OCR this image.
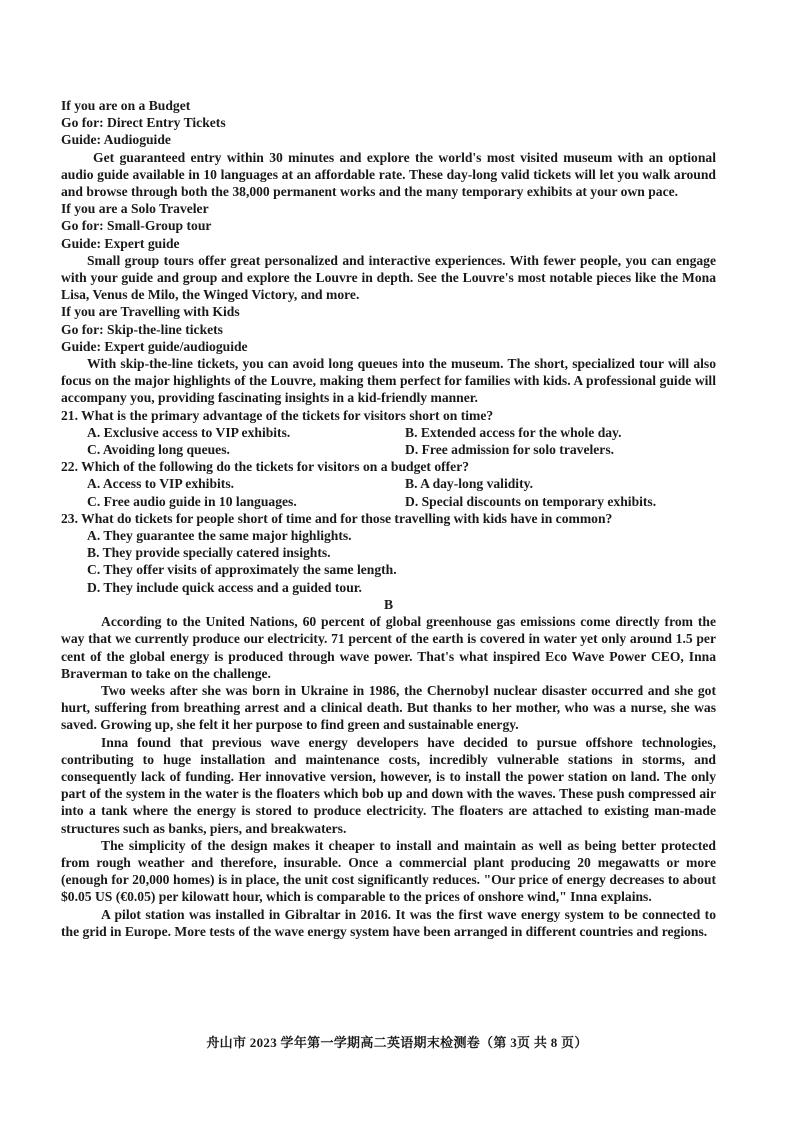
If you are on a Budget
Go for: Direct Entry Tickets
Guide: Audioguide
Get guaranteed entry within 30 minutes and explore the world's most visited museum with an optional audio guide available in 10 languages at an affordable rate. These day-long valid tickets will let you walk around and browse through both the 38,000 permanent works and the many temporary exhibits at your own pace.
If you are a Solo Traveler
Go for: Small-Group tour
Guide: Expert guide
Small group tours offer great personalized and interactive experiences. With fewer people, you can engage with your guide and group and explore the Louvre in depth. See the Louvre's most notable pieces like the Mona Lisa, Venus de Milo, the Winged Victory, and more.
If you are Travelling with Kids
Go for: Skip-the-line tickets
Guide: Expert guide/audioguide
With skip-the-line tickets, you can avoid long queues into the museum. The short, specialized tour will also focus on the major highlights of the Louvre, making them perfect for families with kids. A professional guide will accompany you, providing fascinating insights in a kid-friendly manner.
21. What is the primary advantage of the tickets for visitors short on time?
A. Exclusive access to VIP exhibits.	B. Extended access for the whole day.
C. Avoiding long queues.	D. Free admission for solo travelers.
22. Which of the following do the tickets for visitors on a budget offer?
A. Access to VIP exhibits.	B. A day-long validity.
C. Free audio guide in 10 languages.	D. Special discounts on temporary exhibits.
23. What do tickets for people short of time and for those travelling with kids have in common?
A. They guarantee the same major highlights.
B. They provide specially catered insights.
C. They offer visits of approximately the same length.
D. They include quick access and a guided tour.
B
According to the United Nations, 60 percent of global greenhouse gas emissions come directly from the way that we currently produce our electricity. 71 percent of the earth is covered in water yet only around 1.5 per cent of the global energy is produced through wave power. That's what inspired Eco Wave Power CEO, Inna Braverman to take on the challenge.
Two weeks after she was born in Ukraine in 1986, the Chernobyl nuclear disaster occurred and she got hurt, suffering from breathing arrest and a clinical death. But thanks to her mother, who was a nurse, she was saved. Growing up, she felt it her purpose to find green and sustainable energy.
Inna found that previous wave energy developers have decided to pursue offshore technologies, contributing to huge installation and maintenance costs, incredibly vulnerable stations in storms, and consequently lack of funding. Her innovative version, however, is to install the power station on land. The only part of the system in the water is the floaters which bob up and down with the waves. These push compressed air into a tank where the energy is stored to produce electricity. The floaters are attached to existing man-made structures such as banks, piers, and breakwaters.
The simplicity of the design makes it cheaper to install and maintain as well as being better protected from rough weather and therefore, insurable. Once a commercial plant producing 20 megawatts or more (enough for 20,000 homes) is in place, the unit cost significantly reduces. "Our price of energy decreases to about $0.05 US (€0.05) per kilowatt hour, which is comparable to the prices of onshore wind," Inna explains.
A pilot station was installed in Gibraltar in 2016. It was the first wave energy system to be connected to the grid in Europe. More tests of the wave energy system have been arranged in different countries and regions.
舟山市 2023 学年第一学期高二英语期末检测卷（第 3页 共 8 页）
